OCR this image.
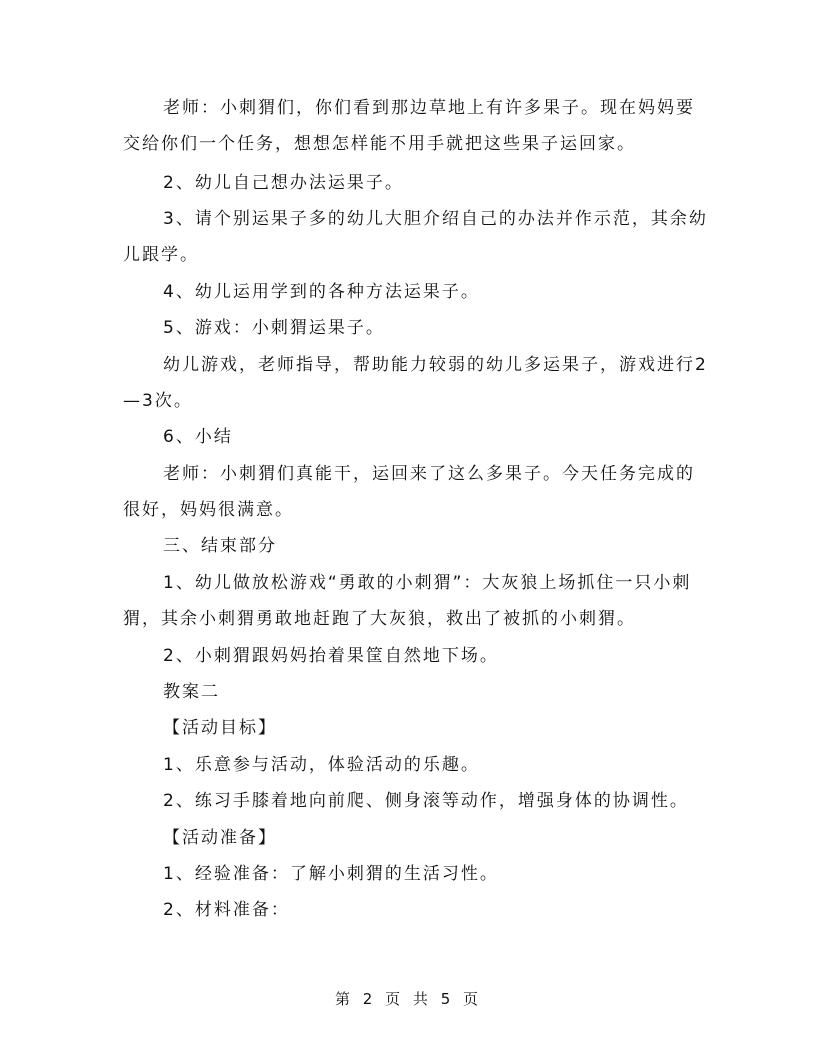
老师：小刺猬们，你们看到那边草地上有许多果子。现在妈妈要
交给你们一个任务，想想怎样能不用手就把这些果子运回家。
2、幼儿自己想办法运果子。
3、请个别运果子多的幼儿大胆介绍自己的办法并作示范，其余幼
儿跟学。
4、幼儿运用学到的各种方法运果子。
5、游戏：小刺猬运果子。
幼儿游戏，老师指导，帮助能力较弱的幼儿多运果子，游戏进行2
—3次。
6、小结
老师：小刺猬们真能干，运回来了这么多果子。今天任务完成的
很好，妈妈很满意。
三、结束部分
1、幼儿做放松游戏“勇敢的小刺猬”：大灰狼上场抓住一只小刺
猬，其余小刺猬勇敢地赶跑了大灰狼，救出了被抓的小刺猬。
2、小刺猬跟妈妈抬着果筐自然地下场。
教案二
【活动目标】
1、乐意参与活动，体验活动的乐趣。
2、练习手膝着地向前爬、侧身滚等动作，增强身体的协调性。
【活动准备】
1、经验准备：了解小刺猬的生活习性。
2、材料准备：
第 2 页 共 5 页
